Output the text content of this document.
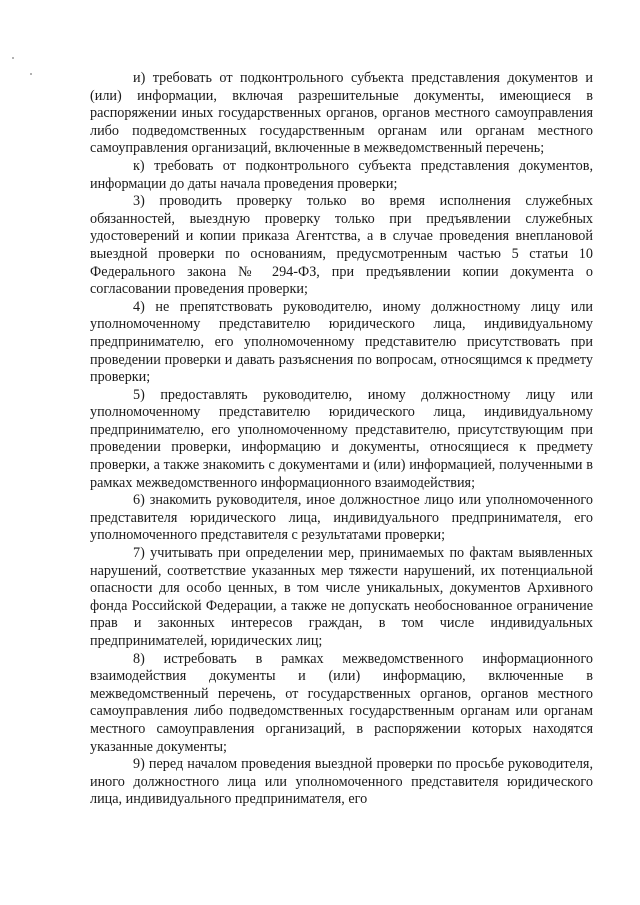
и) требовать от подконтрольного субъекта представления документов и (или) информации, включая разрешительные документы, имеющиеся в распоряжении иных государственных органов, органов местного самоуправления либо подведомственных государственным органам или органам местного самоуправления организаций, включенные в межведомственный перечень;

к) требовать от подконтрольного субъекта представления документов, информации до даты начала проведения проверки;

3) проводить проверку только во время исполнения служебных обязанностей, выездную проверку только при предъявлении служебных удостоверений и копии приказа Агентства, а в случае проведения внеплановой выездной проверки по основаниям, предусмотренным частью 5 статьи 10 Федерального закона № 294-ФЗ, при предъявлении копии документа о согласовании проведения проверки;

4) не препятствовать руководителю, иному должностному лицу или уполномоченному представителю юридического лица, индивидуальному предпринимателю, его уполномоченному представителю присутствовать при проведении проверки и давать разъяснения по вопросам, относящимся к предмету проверки;

5) предоставлять руководителю, иному должностному лицу или уполномоченному представителю юридического лица, индивидуальному предпринимателю, его уполномоченному представителю, присутствующим при проведении проверки, информацию и документы, относящиеся к предмету проверки, а также знакомить с документами и (или) информацией, полученными в рамках межведомственного информационного взаимодействия;

6) знакомить руководителя, иное должностное лицо или уполномоченного представителя юридического лица, индивидуального предпринимателя, его уполномоченного представителя с результатами проверки;

7) учитывать при определении мер, принимаемых по фактам выявленных нарушений, соответствие указанных мер тяжести нарушений, их потенциальной опасности для особо ценных, в том числе уникальных, документов Архивного фонда Российской Федерации, а также не допускать необоснованное ограничение прав и законных интересов граждан, в том числе индивидуальных предпринимателей, юридических лиц;

8) истребовать в рамках межведомственного информационного взаимодействия документы и (или) информацию, включенные в межведомственный перечень, от государственных органов, органов местного самоуправления либо подведомственных государственным органам или органам местного самоуправления организаций, в распоряжении которых находятся указанные документы;

9) перед началом проведения выездной проверки по просьбе руководителя, иного должностного лица или уполномоченного представителя юридического лица, индивидуального предпринимателя, его
